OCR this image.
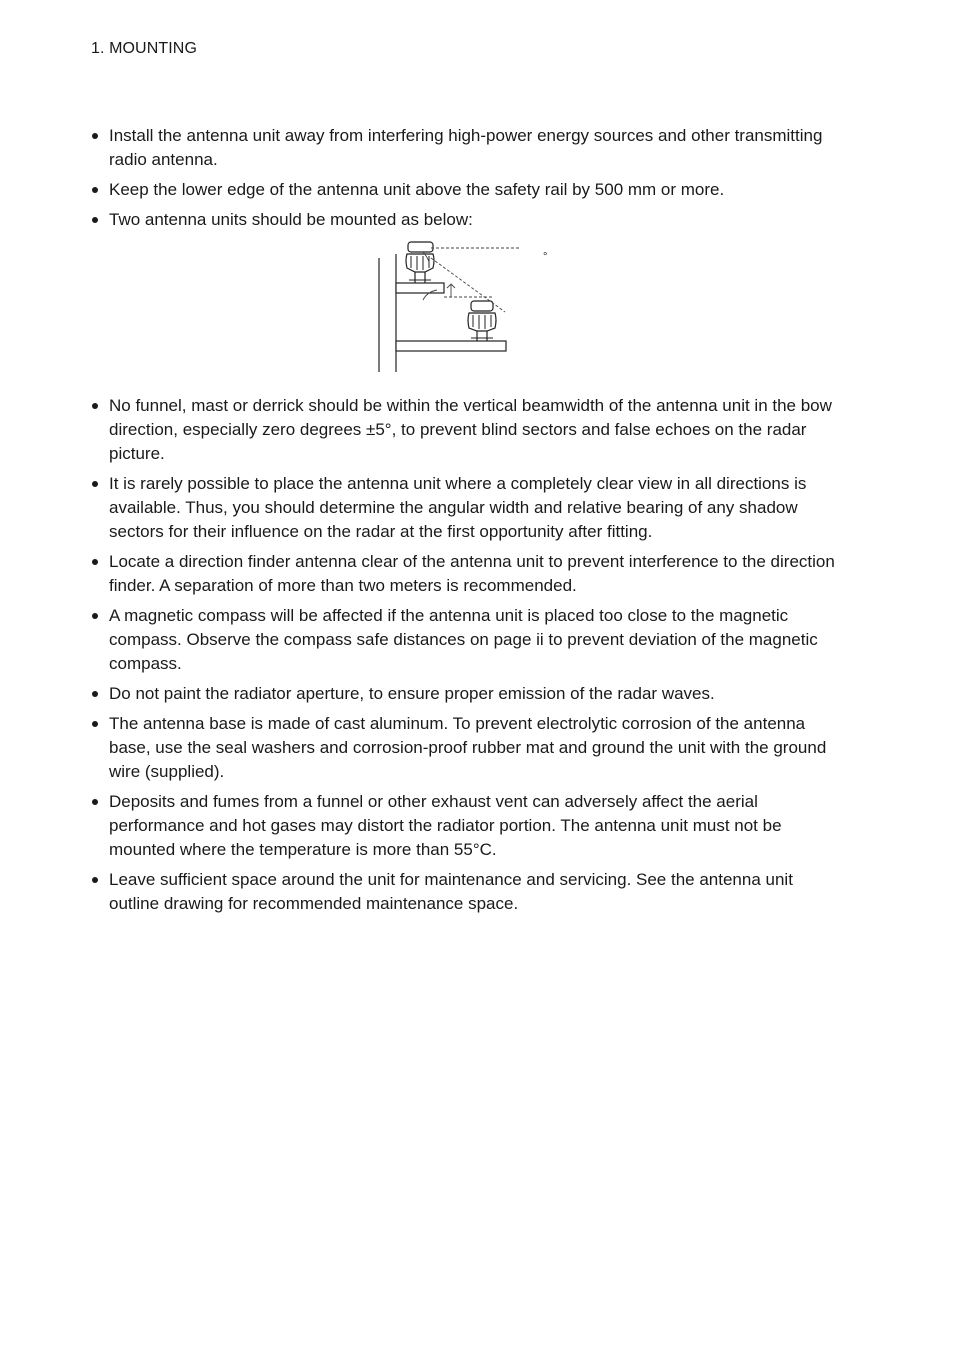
1. MOUNTING
Install the antenna unit away from interfering high-power energy sources and other transmitting radio antenna.
Keep the lower edge of the antenna unit above the safety rail by 500 mm or more.
Two antenna units should be mounted as below:
°
No funnel, mast or derrick should be within the vertical beamwidth of the antenna unit in the bow direction, especially zero degrees ±5°, to prevent blind sectors and false echoes on the radar picture.
It is rarely possible to place the antenna unit where a completely clear view in all directions is available. Thus, you should determine the angular width and relative bearing of any shadow sectors for their influence on the radar at the first opportunity after fitting.
Locate a direction finder antenna clear of the antenna unit to prevent interference to the direction finder. A separation of more than two meters is recommended.
A magnetic compass will be affected if the antenna unit is placed too close to the magnetic compass. Observe the compass safe distances on page ii to prevent deviation of the magnetic compass.
Do not paint the radiator aperture, to ensure proper emission of the radar waves.
The antenna base is made of cast aluminum. To prevent electrolytic corrosion of the antenna base, use the seal washers and corrosion-proof rubber mat and ground the unit with the ground wire (supplied).
Deposits and fumes from a funnel or other exhaust vent can adversely affect the aerial performance and hot gases may distort the radiator portion. The antenna unit must not be mounted where the temperature is more than 55°C.
Leave sufficient space around the unit for maintenance and servicing. See the antenna unit outline drawing for recommended maintenance space.
